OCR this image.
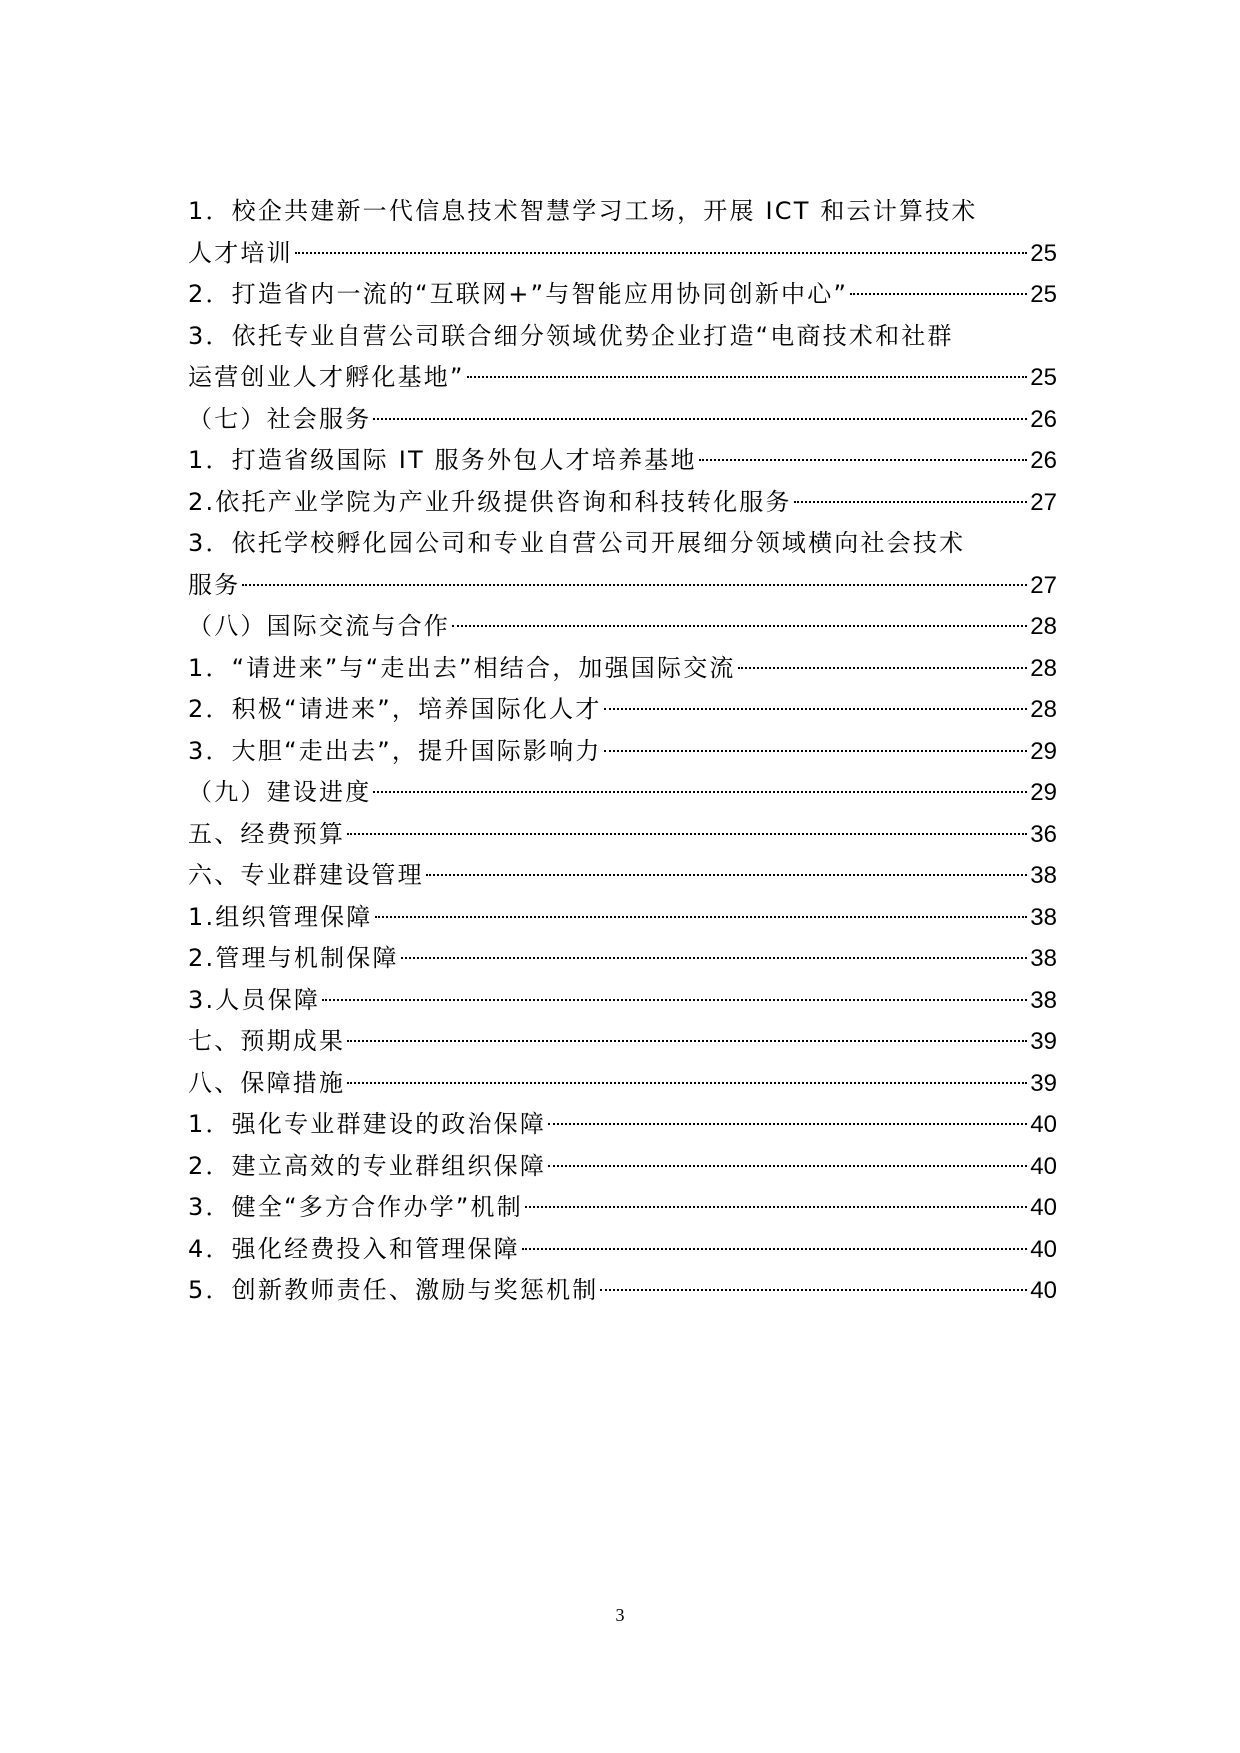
1．校企共建新一代信息技术智慧学习工场，开展 ICT 和云计算技术
人才培训	25
2．打造省内一流的“互联网+”与智能应用协同创新中心”	25
3．依托专业自营公司联合细分领域优势企业打造“电商技术和社群
运营创业人才孵化基地”	25
（七）社会服务	26
1．打造省级国际 IT 服务外包人才培养基地	26
2.依托产业学院为产业升级提供咨询和科技转化服务	27
3．依托学校孵化园公司和专业自营公司开展细分领域横向社会技术
服务	27
（八）国际交流与合作	28
1．“请进来”与“走出去”相结合，加强国际交流	28
2．积极“请进来”，培养国际化人才	28
3．大胆“走出去”，提升国际影响力	29
（九）建设进度	29
五、经费预算	36
六、专业群建设管理	38
1.组织管理保障	38
2.管理与机制保障	38
3.人员保障	38
七、预期成果	39
八、保障措施	39
1．强化专业群建设的政治保障	40
2．建立高效的专业群组织保障	40
3．健全“多方合作办学”机制	40
4．强化经费投入和管理保障	40
5．创新教师责任、激励与奖惩机制	40
3
